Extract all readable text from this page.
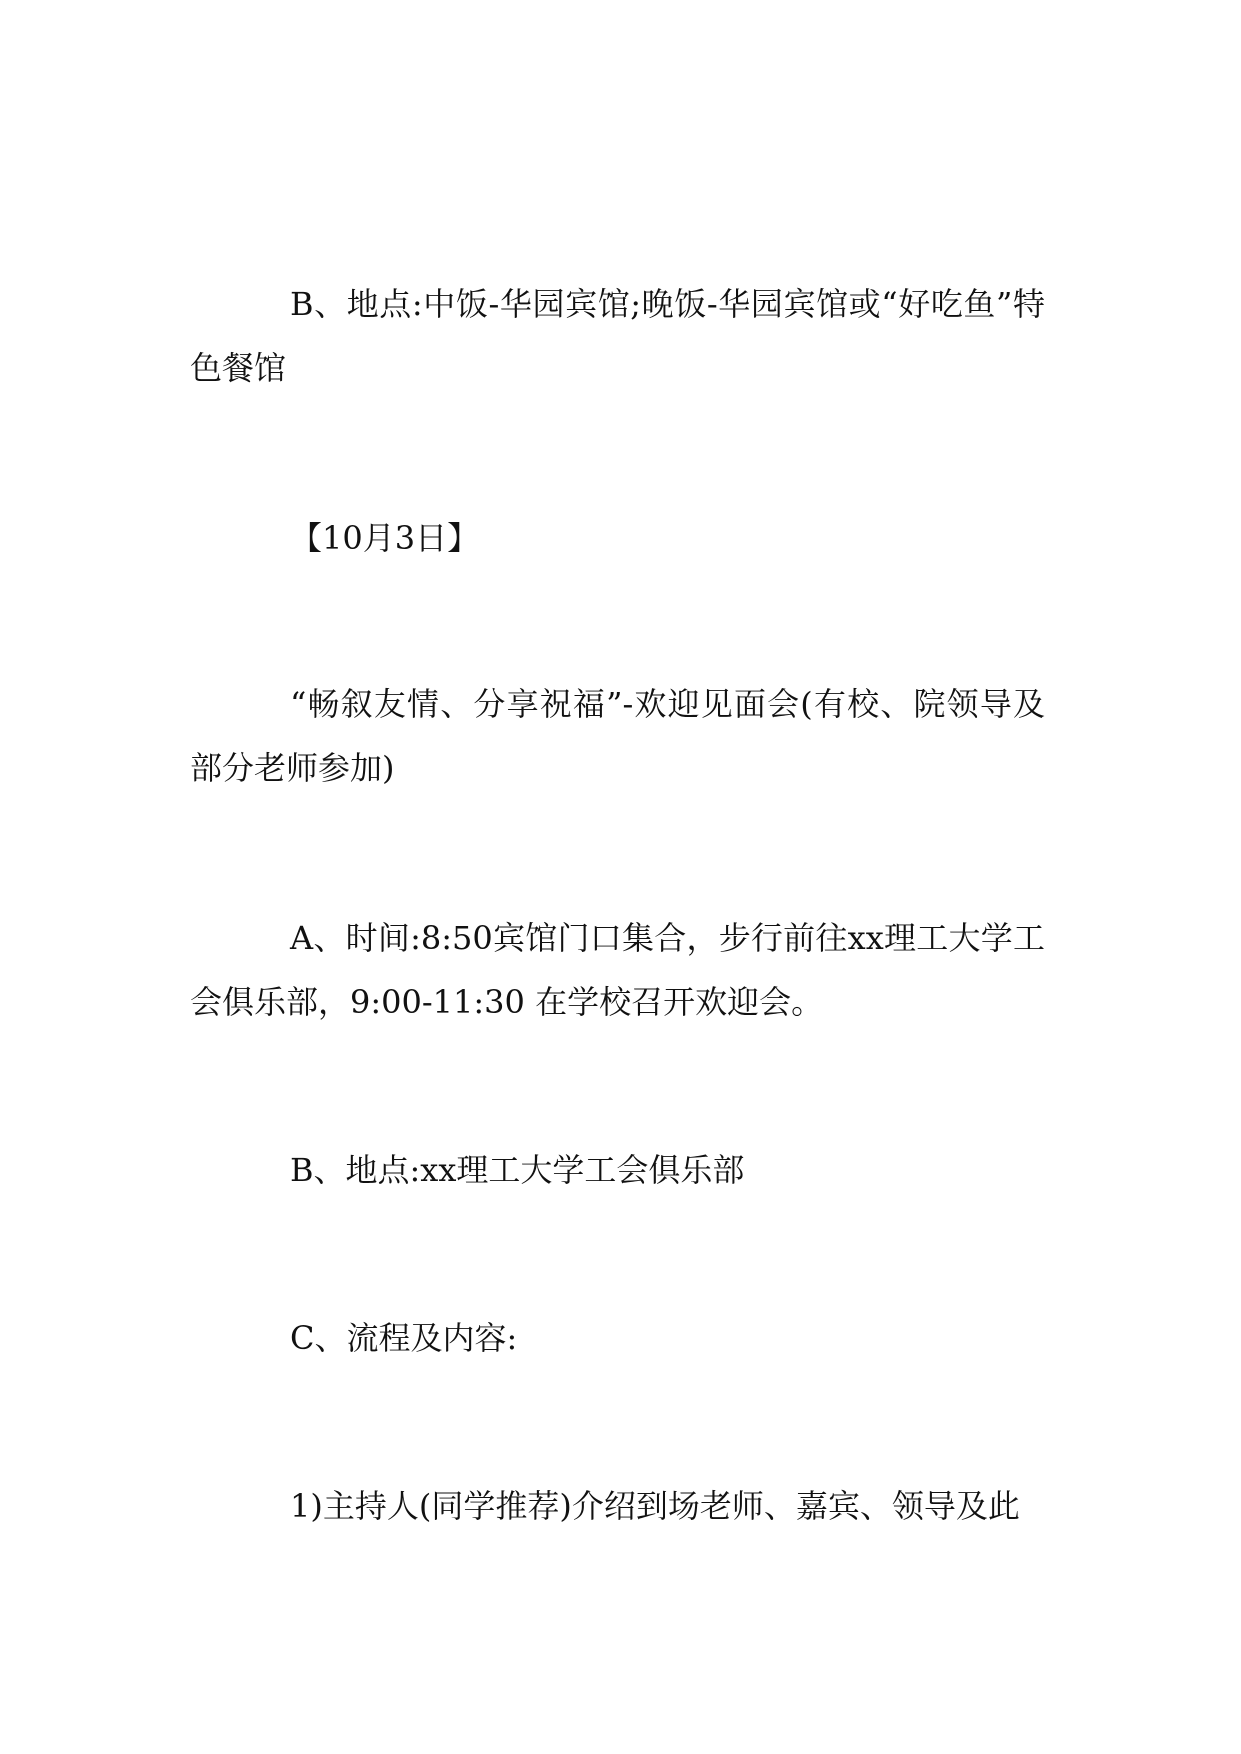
B、地点:中饭-华园宾馆;晚饭-华园宾馆或“好吃鱼”特色餐馆

【10月3日】

“畅叙友情、分享祝福”-欢迎见面会(有校、院领导及部分老师参加)

A、时间:8:50宾馆门口集合，步行前往xx理工大学工会俱乐部，9:00-11:30 在学校召开欢迎会。

B、地点:xx理工大学工会俱乐部

C、流程及内容:

1)主持人(同学推荐)介绍到场老师、嘉宾、领导及此
